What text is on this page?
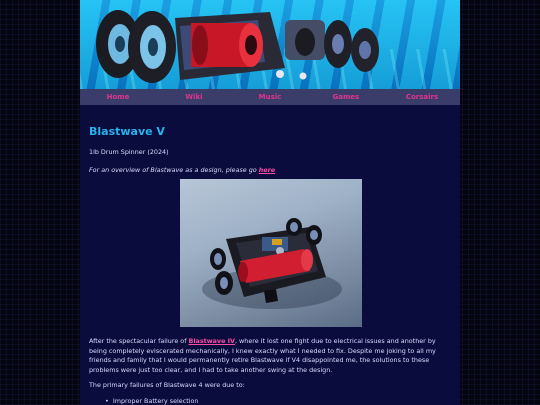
Home	Wiki	Music	Games	Corsairs
Blastwave V
1lb Drum Spinner (2024)
For an overview of Blastwave as a design, please go here
After the spectacular failure of Blastwave IV, where it lost one fight due to electrical issues and another by being completely eviscerated mechanically, I knew exactly what I needed to fix. Despite me joking to all my friends and family that I would permanently retire Blastwave if V4 disappointed me, the solutions to these problems were just too clear, and I had to take another swing at the design.
The primary failures of Blastwave 4 were due to:
•  Improper Battery selection
